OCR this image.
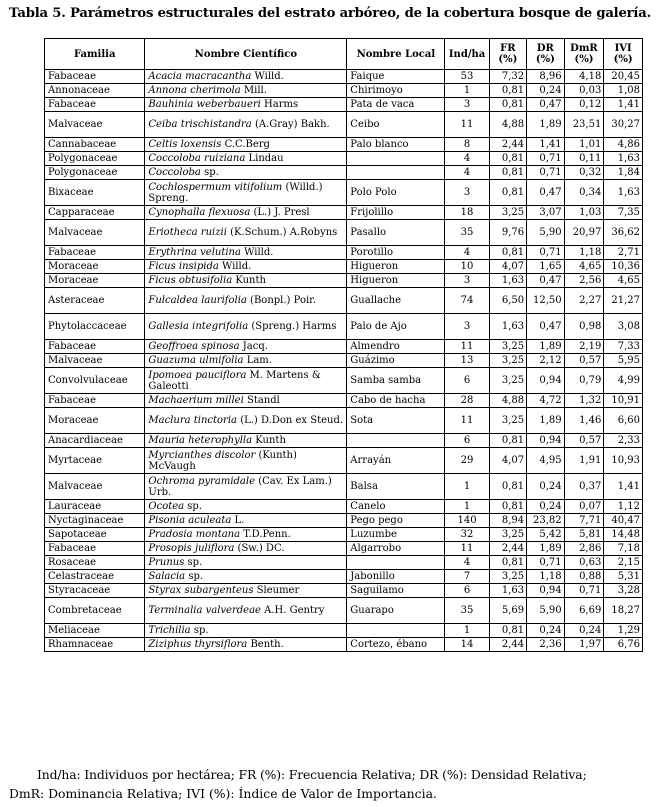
Tabla 5. Parámetros estructurales del estrato arbóreo, de la cobertura bosque de galería.
Familia	Nombre Científico	Nombre Local	Ind/ha	FR (%)	DR (%)	DmR (%)	IVI (%)
Fabaceae	Acacia macracantha Willd.	Faique	53	7,32	8,96	4,18	20,45
Annonaceae	Annona cherimola Mill.	Chirimoyo	1	0,81	0,24	0,03	1,08
Fabaceae	Bauhinia weberbaueri Harms	Pata de vaca	3	0,81	0,47	0,12	1,41
Malvaceae	Ceiba trischistandra (A.Gray) Bakh.	Ceibo	11	4,88	1,89	23,51	30,27
Cannabaceae	Celtis loxensis C.C.Berg	Palo blanco	8	2,44	1,41	1,01	4,86
Polygonaceae	Coccoloba ruiziana Lindau		4	0,81	0,71	0,11	1,63
Polygonaceae	Coccoloba sp.		4	0,81	0,71	0,32	1,84
Bixaceae	Cochlospermum vitifolium (Willd.) Spreng.	Polo Polo	3	0,81	0,47	0,34	1,63
Capparaceae	Cynophalla flexuosa (L.) J. Presl	Frijolillo	18	3,25	3,07	1,03	7,35
Malvaceae	Eriotheca ruizii (K.Schum.) A.Robyns	Pasallo	35	9,76	5,90	20,97	36,62
Fabaceae	Erythrina velutina Willd.	Porotillo	4	0,81	0,71	1,18	2,71
Moraceae	Ficus insipida Willd.	Higueron	10	4,07	1,65	4,65	10,36
Moraceae	Ficus obtusifolia Kunth	Higueron	3	1,63	0,47	2,56	4,65
Asteraceae	Fulcaldea laurifolia (Bonpl.) Poir.	Guallache	74	6,50	12,50	2,27	21,27
Phytolaccaceae	Gallesia integrifolia (Spreng.) Harms	Palo de Ajo	3	1,63	0,47	0,98	3,08
Fabaceae	Geoffroea spinosa Jacq.	Almendro	11	3,25	1,89	2,19	7,33
Malvaceae	Guazuma ulmifolia Lam.	Guázimo	13	3,25	2,12	0,57	5,95
Convolvulaceae	Ipomoea pauciflora M. Martens & Galeotti	Samba samba	6	3,25	0,94	0,79	4,99
Fabaceae	Machaerium millei Standl	Cabo de hacha	28	4,88	4,72	1,32	10,91
Moraceae	Maclura tinctoria (L.) D.Don ex Steud.	Sota	11	3,25	1,89	1,46	6,60
Anacardiaceae	Mauria heterophylla Kunth		6	0,81	0,94	0,57	2,33
Myrtaceae	Myrcianthes discolor (Kunth) McVaugh	Arrayán	29	4,07	4,95	1,91	10,93
Malvaceae	Ochroma pyramidale (Cav. Ex Lam.) Urb.	Balsa	1	0,81	0,24	0,37	1,41
Lauraceae	Ocotea sp.	Canelo	1	0,81	0,24	0,07	1,12
Nyctaginaceae	Pisonia aculeata L.	Pego pego	140	8,94	23,82	7,71	40,47
Sapotaceae	Pradosia montana T.D.Penn.	Luzumbe	32	3,25	5,42	5,81	14,48
Fabaceae	Prosopis juliflora (Sw.) DC.	Algarrobo	11	2,44	1,89	2,86	7,18
Rosaceae	Prunus sp.		4	0,81	0,71	0,63	2,15
Celastraceae	Salacia sp.	Jabonillo	7	3,25	1,18	0,88	5,31
Styracaceae	Styrax subargenteus Sleumer	Saguilamo	6	1,63	0,94	0,71	3,28
Combretaceae	Terminalia valverdeae A.H. Gentry	Guarapo	35	5,69	5,90	6,69	18,27
Meliaceae	Trichilia sp.		1	0,81	0,24	0,24	1,29
Rhamnaceae	Ziziphus thyrsiflora Benth.	Cortezo, ébano	14	2,44	2,36	1,97	6,76
Ind/ha: Individuos por hectárea; FR (%): Frecuencia Relativa; DR (%): Densidad Relativa;
DmR: Dominancia Relativa; IVI (%): Índice de Valor de Importancia.
